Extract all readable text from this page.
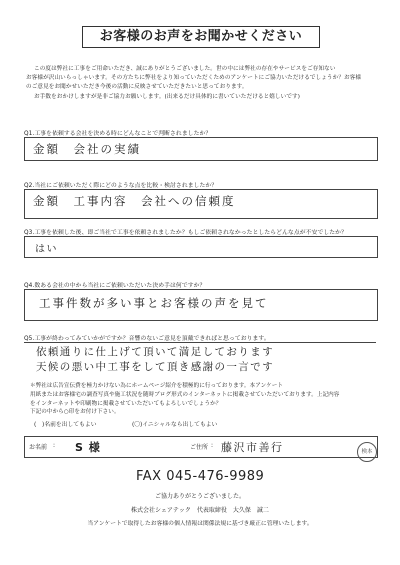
お客様のお声をお聞かせください

この度は弊社に工事をご用命いただき、誠にありがとうございました。世の中には弊社の存在やサービスをご存知ない

お客様が沢山いらっしゃいます。その方たちに弊社をより知っていただくためのアンケートにご協力いただけるでしょうか？お客様

のご意見をお聞かせいただき今後の活動に反映させていただきたいと思っております。

お手数をおかけしますが是非ご協力お願いします。(出来るだけ具体的に書いていただけると嬉しいです)

Q1.工事を依頼する会社を決める時にどんなことで判断されましたか？
金額　会社の実績
Q2.当社にご依頼いただく際にどのような点を比較・検討されましたか？
金額　工事内容　会社への信頼度
Q3.工事を依頼した後、即ご当社で工事を依頼されましたか？もしご依頼されなかったとしたらどんな点が不安でしたか？
はい
Q4.数ある会社の中から当社にご依頼いただいた決め手は何ですか？
工事件数が多い事とお客様の声を見て
Q5.工事が終わってみていかがですか？音響のないご意見を頂戴できればと思っております。
依頼通りに仕上げて頂いて満足しております
天候の悪い中工事をして頂き感謝の一言です

＊弊社は広告宣伝費を極力かけない為にホームページ紹介を積極的に行っております。本アンケート

用紙またはお客様宅の調査写真や施工状況を随時ブログ形式のインターネットに掲載させていただいております。上記内容

をインターネットや印刷物に掲載させていただいてもよろしいでしょうか？

下記の中から○印をお付け下さい。

(　)名前を出してもよい	(〇)イニシャルなら出してもよい
お名前 : S 様	ご住所 : 藤沢市善行	検本
FAX 045-476-9989
ご協力ありがとうございました。
株式会社シェアテック　代表取締役　大久保　誠二
当アンケートで取得したお客様の個人情報は関係法規に基づき厳正に管理いたします。
